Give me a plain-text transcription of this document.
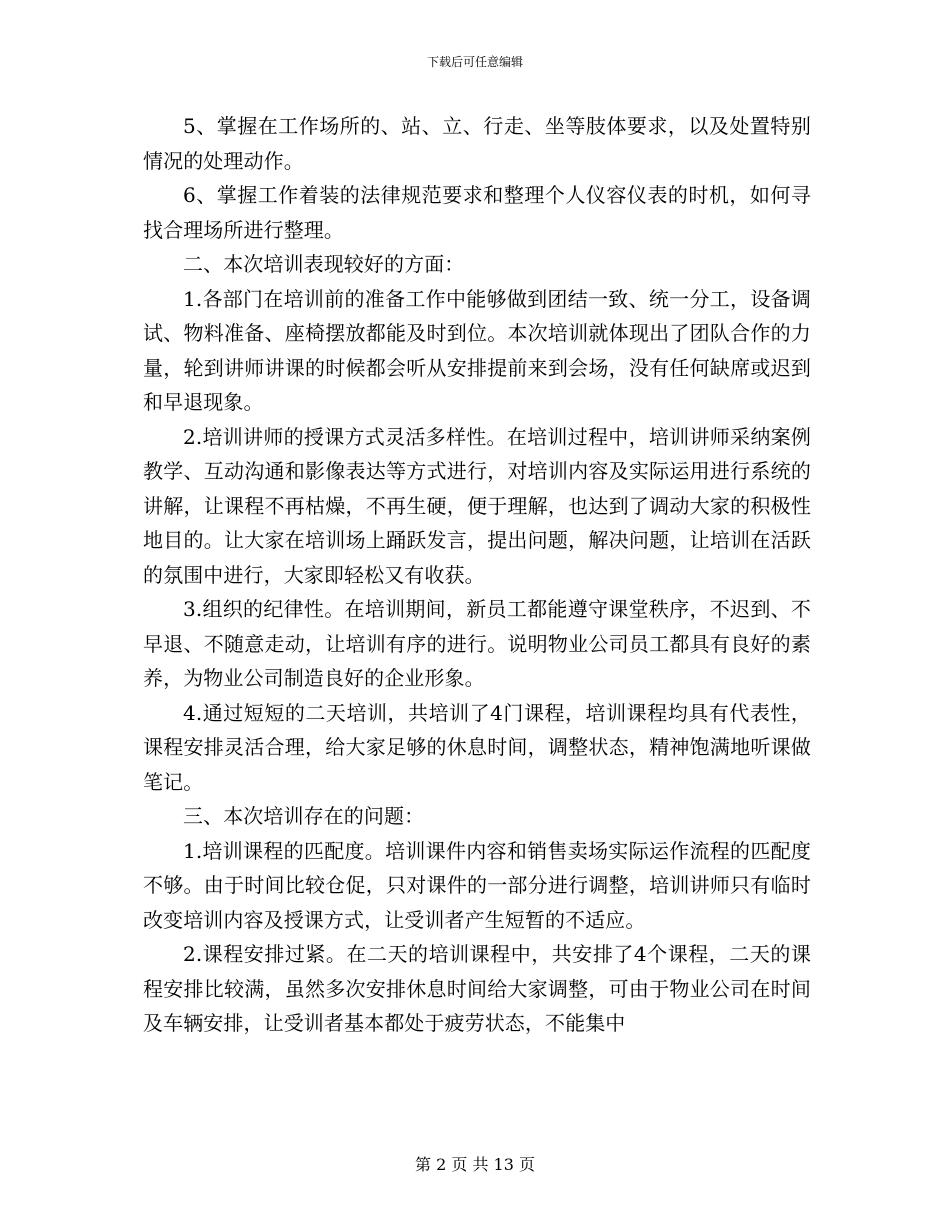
下载后可任意编辑

5、掌握在工作场所的、站、立、行走、坐等肢体要求，以及处置特别情况的处理动作。

6、掌握工作着装的法律规范要求和整理个人仪容仪表的时机，如何寻找合理场所进行整理。

二、本次培训表现较好的方面：

1.各部门在培训前的准备工作中能够做到团结一致、统一分工，设备调试、物料准备、座椅摆放都能及时到位。本次培训就体现出了团队合作的力量，轮到讲师讲课的时候都会听从安排提前来到会场，没有任何缺席或迟到和早退现象。

2.培训讲师的授课方式灵活多样性。在培训过程中，培训讲师采纳案例教学、互动沟通和影像表达等方式进行，对培训内容及实际运用进行系统的讲解，让课程不再枯燥，不再生硬，便于理解，也达到了调动大家的积极性地目的。让大家在培训场上踊跃发言，提出问题，解决问题，让培训在活跃的氛围中进行，大家即轻松又有收获。

3.组织的纪律性。在培训期间，新员工都能遵守课堂秩序，不迟到、不早退、不随意走动，让培训有序的进行。说明物业公司员工都具有良好的素养，为物业公司制造良好的企业形象。

4.通过短短的二天培训，共培训了4门课程，培训课程均具有代表性，课程安排灵活合理，给大家足够的休息时间，调整状态，精神饱满地听课做笔记。

三、本次培训存在的问题：

1.培训课程的匹配度。培训课件内容和销售卖场实际运作流程的匹配度不够。由于时间比较仓促，只对课件的一部分进行调整，培训讲师只有临时改变培训内容及授课方式，让受训者产生短暂的不适应。

2.课程安排过紧。在二天的培训课程中，共安排了4个课程，二天的课程安排比较满，虽然多次安排休息时间给大家调整，可由于物业公司在时间及车辆安排，让受训者基本都处于疲劳状态，不能集中

第 2 页 共 13 页
